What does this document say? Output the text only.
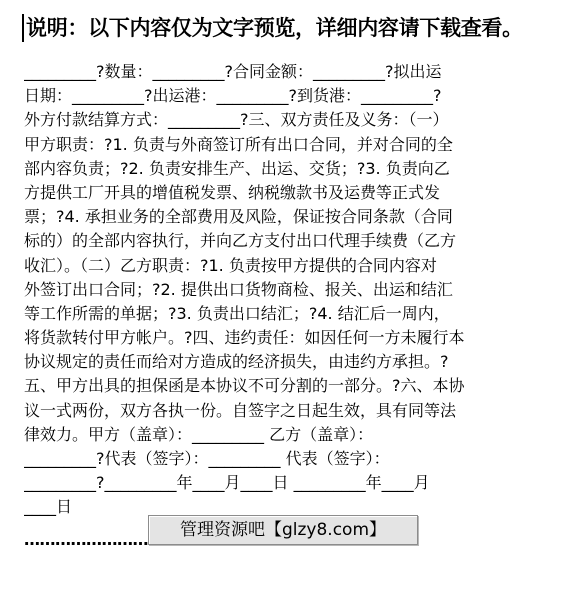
说明：以下内容仅为文字预览，详细内容请下载查看。
_________?数量：_________?合同金额：_________?拟出运
日期：_________?出运港：_________?到货港：_________?
外方付款结算方式：_________?三、双方责任及义务：（一）
甲方职责：?1. 负责与外商签订所有出口合同，并对合同的全
部内容负责；?2. 负责安排生产、出运、交货；?3. 负责向乙
方提供工厂开具的增值税发票、纳税缴款书及运费等正式发
票；?4. 承担业务的全部费用及风险，保证按合同条款（合同
标的）的全部内容执行，并向乙方支付出口代理手续费（乙方
收汇）。（二）乙方职责：?1. 负责按甲方提供的合同内容对
外签订出口合同；?2. 提供出口货物商检、报关、出运和结汇
等工作所需的单据；?3. 负责出口结汇；?4. 结汇后一周内，
将货款转付甲方帐户。?四、违约责任：如因任何一方未履行本
协议规定的责任而给对方造成的经济损失，由违约方承担。?
五、甲方出具的担保函是本协议不可分割的一部分。?六、本协
议一式两份，双方各执一份。自签字之日起生效，具有同等法
律效力。甲方（盖章）：_________ 乙方（盖章）：
_________?代表（签字）：_________ 代表（签字）：
_________?_________年____月____日 _________年____月
____日
……………………	管理资源吧【glzy8.com】
